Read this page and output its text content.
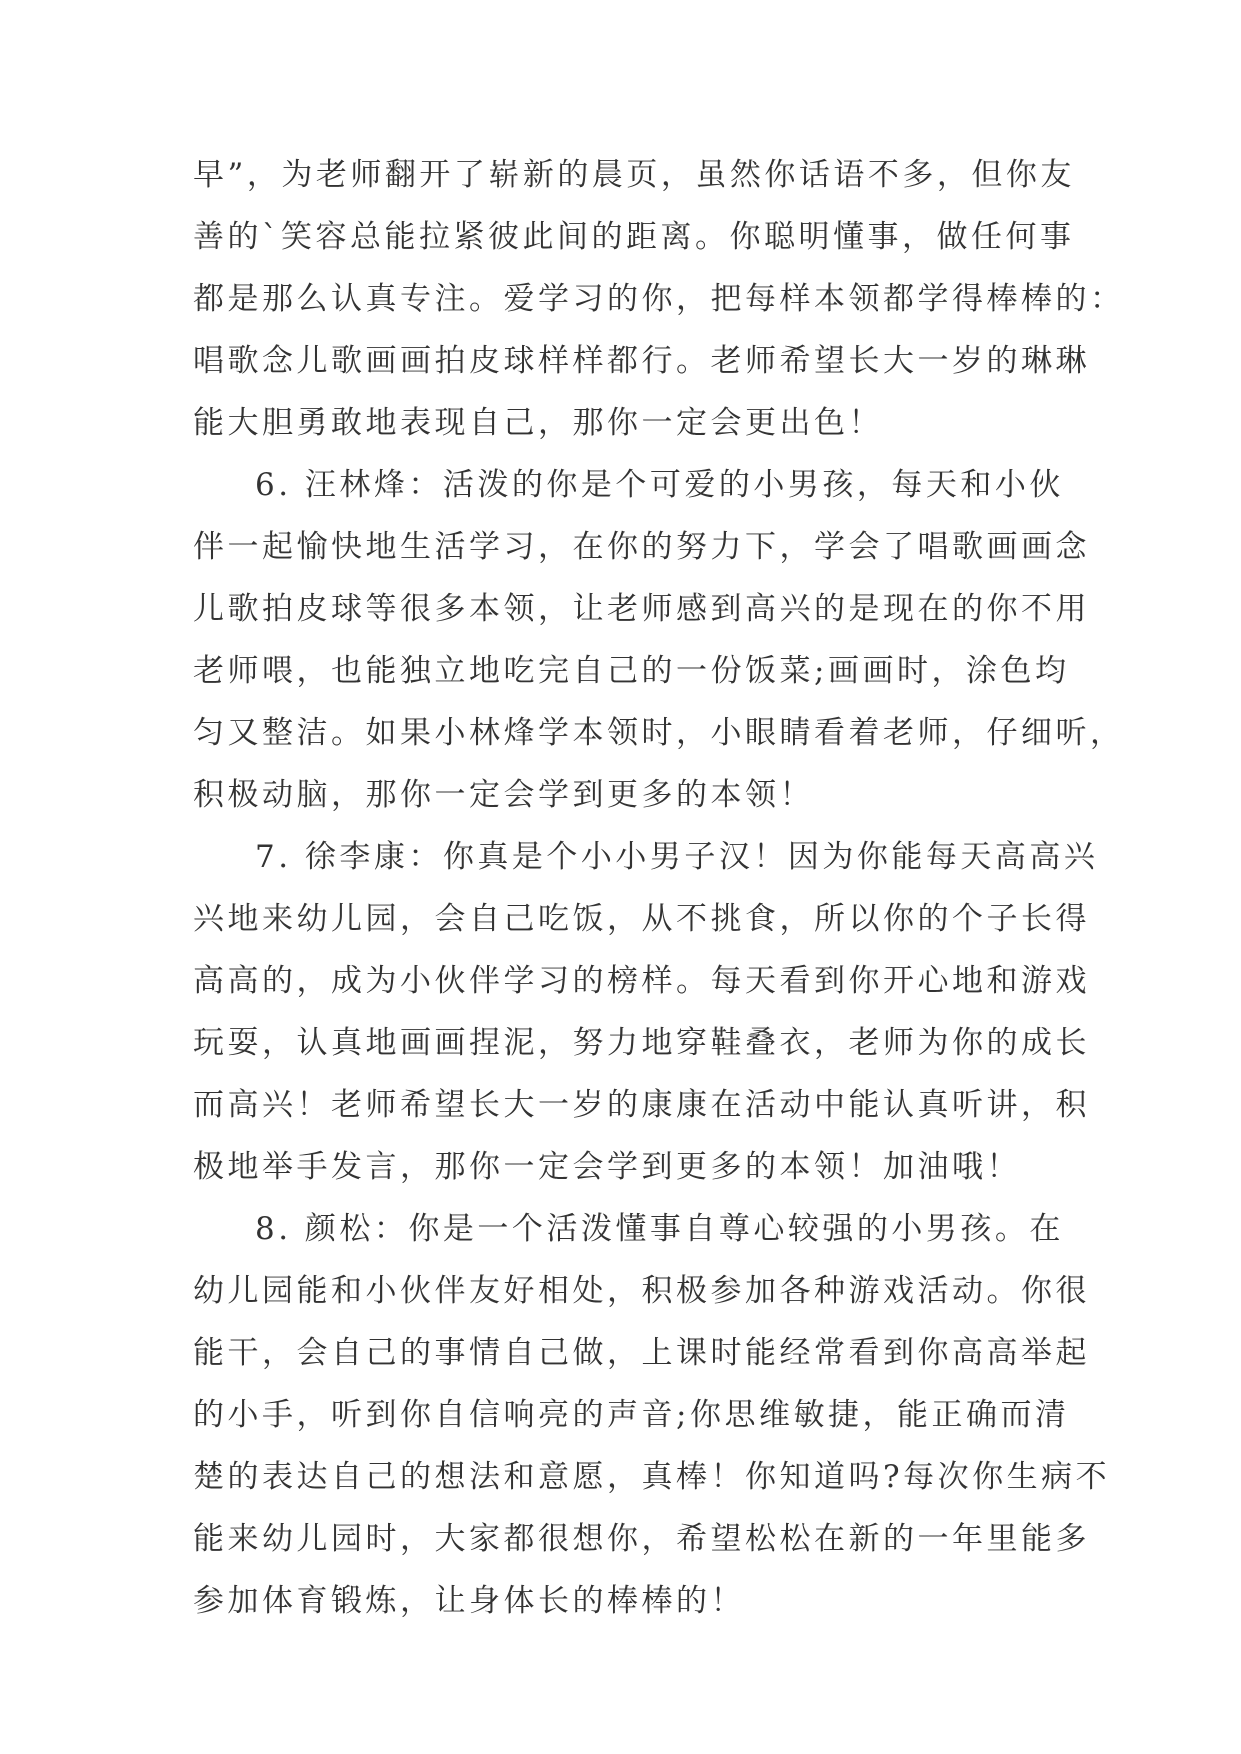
早”，为老师翻开了崭新的晨页，虽然你话语不多，但你友
善的`笑容总能拉紧彼此间的距离。你聪明懂事，做任何事
都是那么认真专注。爱学习的你，把每样本领都学得棒棒的：
唱歌念儿歌画画拍皮球样样都行。老师希望长大一岁的琳琳
能大胆勇敢地表现自己，那你一定会更出色！
6. 汪林烽：活泼的你是个可爱的小男孩，每天和小伙
伴一起愉快地生活学习，在你的努力下，学会了唱歌画画念
儿歌拍皮球等很多本领，让老师感到高兴的是现在的你不用
老师喂，也能独立地吃完自己的一份饭菜;画画时，涂色均
匀又整洁。如果小林烽学本领时，小眼睛看着老师，仔细听，
积极动脑，那你一定会学到更多的本领！
7. 徐李康：你真是个小小男子汉！因为你能每天高高兴
兴地来幼儿园，会自己吃饭，从不挑食，所以你的个子长得
高高的，成为小伙伴学习的榜样。每天看到你开心地和游戏
玩耍，认真地画画捏泥，努力地穿鞋叠衣，老师为你的成长
而高兴！老师希望长大一岁的康康在活动中能认真听讲，积
极地举手发言，那你一定会学到更多的本领！加油哦！
8. 颜松：你是一个活泼懂事自尊心较强的小男孩。在
幼儿园能和小伙伴友好相处，积极参加各种游戏活动。你很
能干，会自己的事情自己做，上课时能经常看到你高高举起
的小手，听到你自信响亮的声音;你思维敏捷，能正确而清
楚的表达自己的想法和意愿，真棒！你知道吗?每次你生病不
能来幼儿园时，大家都很想你，希望松松在新的一年里能多
参加体育锻炼，让身体长的棒棒的！
